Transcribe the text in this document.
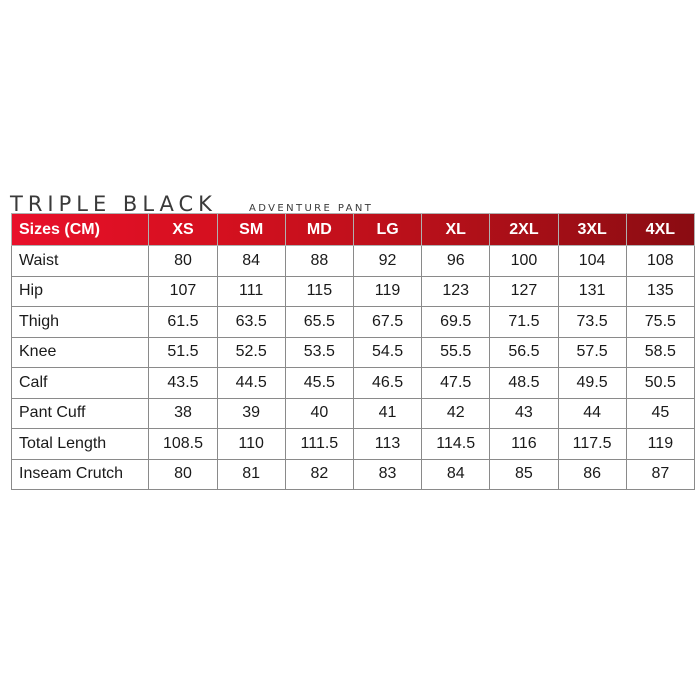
TRIPLE BLACK	ADVENTURE PANT
Sizes (CM)	XS	SM	MD	LG	XL	2XL	3XL	4XL
Waist	80	84	88	92	96	100	104	108
Hip	107	111	115	119	123	127	131	135
Thigh	61.5	63.5	65.5	67.5	69.5	71.5	73.5	75.5
Knee	51.5	52.5	53.5	54.5	55.5	56.5	57.5	58.5
Calf	43.5	44.5	45.5	46.5	47.5	48.5	49.5	50.5
Pant Cuff	38	39	40	41	42	43	44	45
Total Length	108.5	110	111.5	113	114.5	116	117.5	119
Inseam Crutch	80	81	82	83	84	85	86	87
